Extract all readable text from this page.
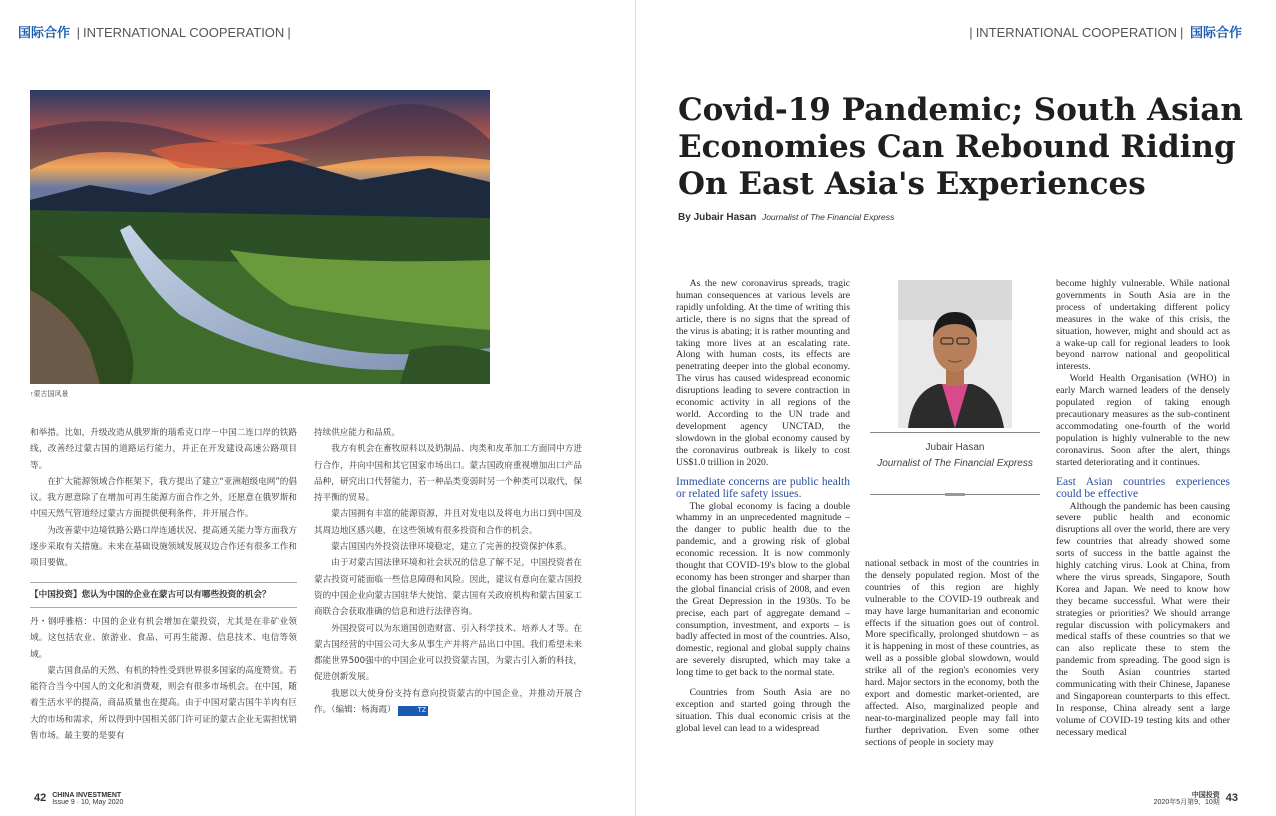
国际合作 | INTERNATIONAL COOPERATION |
↑蒙古国风景

和举措。比如，升级改造从俄罗斯的瑙希克口岸－中国二连口岸的铁路线，改善经过蒙古国的道路运行能力，并正在开发建设高速公路项目等。

在扩大能源领域合作框架下，我方提出了建立“亚洲超级电网”的倡议。我方愿意除了在增加可再生能源方面合作之外，还愿意在俄罗斯和中国天然气管道经过蒙古方面提供便利条件，并开展合作。

为改善蒙中边境铁路公路口岸连通状况、提高通关能力等方面我方逐步采取有关措施。未来在基础设施领域发展双边合作还有很多工作和项目要做。

【中国投资】您认为中国的企业在蒙古可以有哪些投资的机会？

丹・钢呼雅格：中国的企业有机会增加在蒙投资，尤其是在非矿业领域。这包括农业、旅游业、食品、可再生能源、信息技术、电信等领域。

蒙古国食品的天然、有机的特性受到世界很多国家的高度赞赏。若能符合当今中国人的文化和消费观，则会有很多市场机会。在中国，随着生活水平的提高，商品质量也在提高。由于中国对蒙古国牛羊肉有巨大的市场和需求，所以得到中国相关部门许可证的蒙古企业无需担忧销售市场。最主要的是要有

持续供应能力和品质。

我方有机会在畜牧原料以及奶制品、肉类和皮革加工方面同中方进行合作，并向中国和其它国家市场出口。蒙古国政府重视增加出口产品品种，研究出口代替能力，若一种品类变弱时另一个种类可以取代，保持平衡的贸易。

蒙古国拥有丰富的能源资源，并且对发电以及将电力出口到中国及其周边地区感兴趣，在这些领域有很多投资和合作的机会。

蒙古国国内外投资法律环境稳定，建立了完善的投资保护体系。

由于对蒙古国法律环境和社会状况的信息了解不足，中国投资者在蒙古投资可能面临一些信息障碍和风险。因此，建议有意向在蒙古国投资的中国企业向蒙古国驻华大使馆、蒙古国有关政府机构和蒙古国家工商联合会获取准确的信息和进行法律咨询。

外国投资可以为东道国创造财富、引入科学技术、培养人才等。在蒙古国经营的中国公司大多从事生产并将产品出口中国。我们希望未来都能世界500强中的中国企业可以投资蒙古国，为蒙古引入新的科技，促进创新发展。

我愿以大使身份支持有意向投资蒙古的中国企业，并推动开展合作。（编辑：杨海霞）	TZ

42 CHINA INVESTMENT
Issue 9 · 10, May 2020
| INTERNATIONAL COOPERATION | 国际合作
Covid-19 Pandemic; South Asian Economies Can Rebound Riding On East Asia's Experiences
By Jubair Hasan Journalist of The Financial Express

As the new coronavirus spreads, tragic human consequences at various levels are rapidly unfolding. At the time of writing this article, there is no signs that the spread of the virus is abating; it is rather mounting and taking more lives at an escalating rate. Along with human costs, its effects are penetrating deeper into the global economy. The virus has caused widespread economic disruptions leading to severe contraction in economic activity in all regions of the world. According to the UN trade and development agency UNCTAD, the slowdown in the global economy caused by the coronavirus outbreak is likely to cost US$1.0 trillion in 2020.

Immediate concerns are public health or related life safety issues.

The global economy is facing a double whammy in an unprecedented magnitude – the danger to public health due to the pandemic, and a growing risk of global economic recession. It is now commonly thought that COVID-19's blow to the global economy has been stronger and sharper than the global financial crisis of 2008, and even the Great Depression in the 1930s. To be precise, each part of aggregate demand – consumption, investment, and exports – is badly affected in most of the countries. Also, domestic, regional and global supply chains are severely disrupted, which may take a long time to get back to the normal state.

Countries from South Asia are no exception and started going through the situation. This dual economic crisis at the global level can lead to a widespread

Jubair Hasan
Journalist of The Financial Express

national setback in most of the countries in the densely populated region. Most of the countries of this region are highly vulnerable to the COVID-19 outbreak and may have large humanitarian and economic effects if the situation goes out of control. More specifically, prolonged shutdown – as it is happening in most of these countries, as well as a possible global slowdown, would strike all of the region's economies very hard. Major sectors in the economy, both the export and domestic market-oriented, are affected. Also, marginalized people and near-to-marginalized people may fall into further deprivation. Even some other sections of people in society may

become highly vulnerable. While national governments in South Asia are in the process of undertaking different policy measures in the wake of this crisis, the situation, however, might and should act as a wake-up call for regional leaders to look beyond narrow national and geopolitical interests.

World Health Organisation (WHO) in early March warned leaders of the densely populated region of taking enough precautionary measures as the sub-continent accommodating one-fourth of the world population is highly vulnerable to the new coronavirus. Soon after the alert, things started deteriorating and it continues.

East Asian countries experiences could be effective

Although the pandemic has been causing severe public health and economic disruptions all over the world, there are very few countries that already showed some sorts of success in the battle against the highly catching virus. Look at China, from where the virus spreads, Singapore, South Korea and Japan. We need to know how they became successful. What were their strategies or priorities? We should arrange regular discussion with policymakers and medical staffs of these countries so that we can also replicate these to stem the pandemic from spreading. The good sign is the South Asian countries started communicating with their Chinese, Japanese and Singaporean counterparts to this effect. In response, China already sent a large volume of COVID-19 testing kits and other necessary medical

中国投资
2020年5月第9、10期 43
